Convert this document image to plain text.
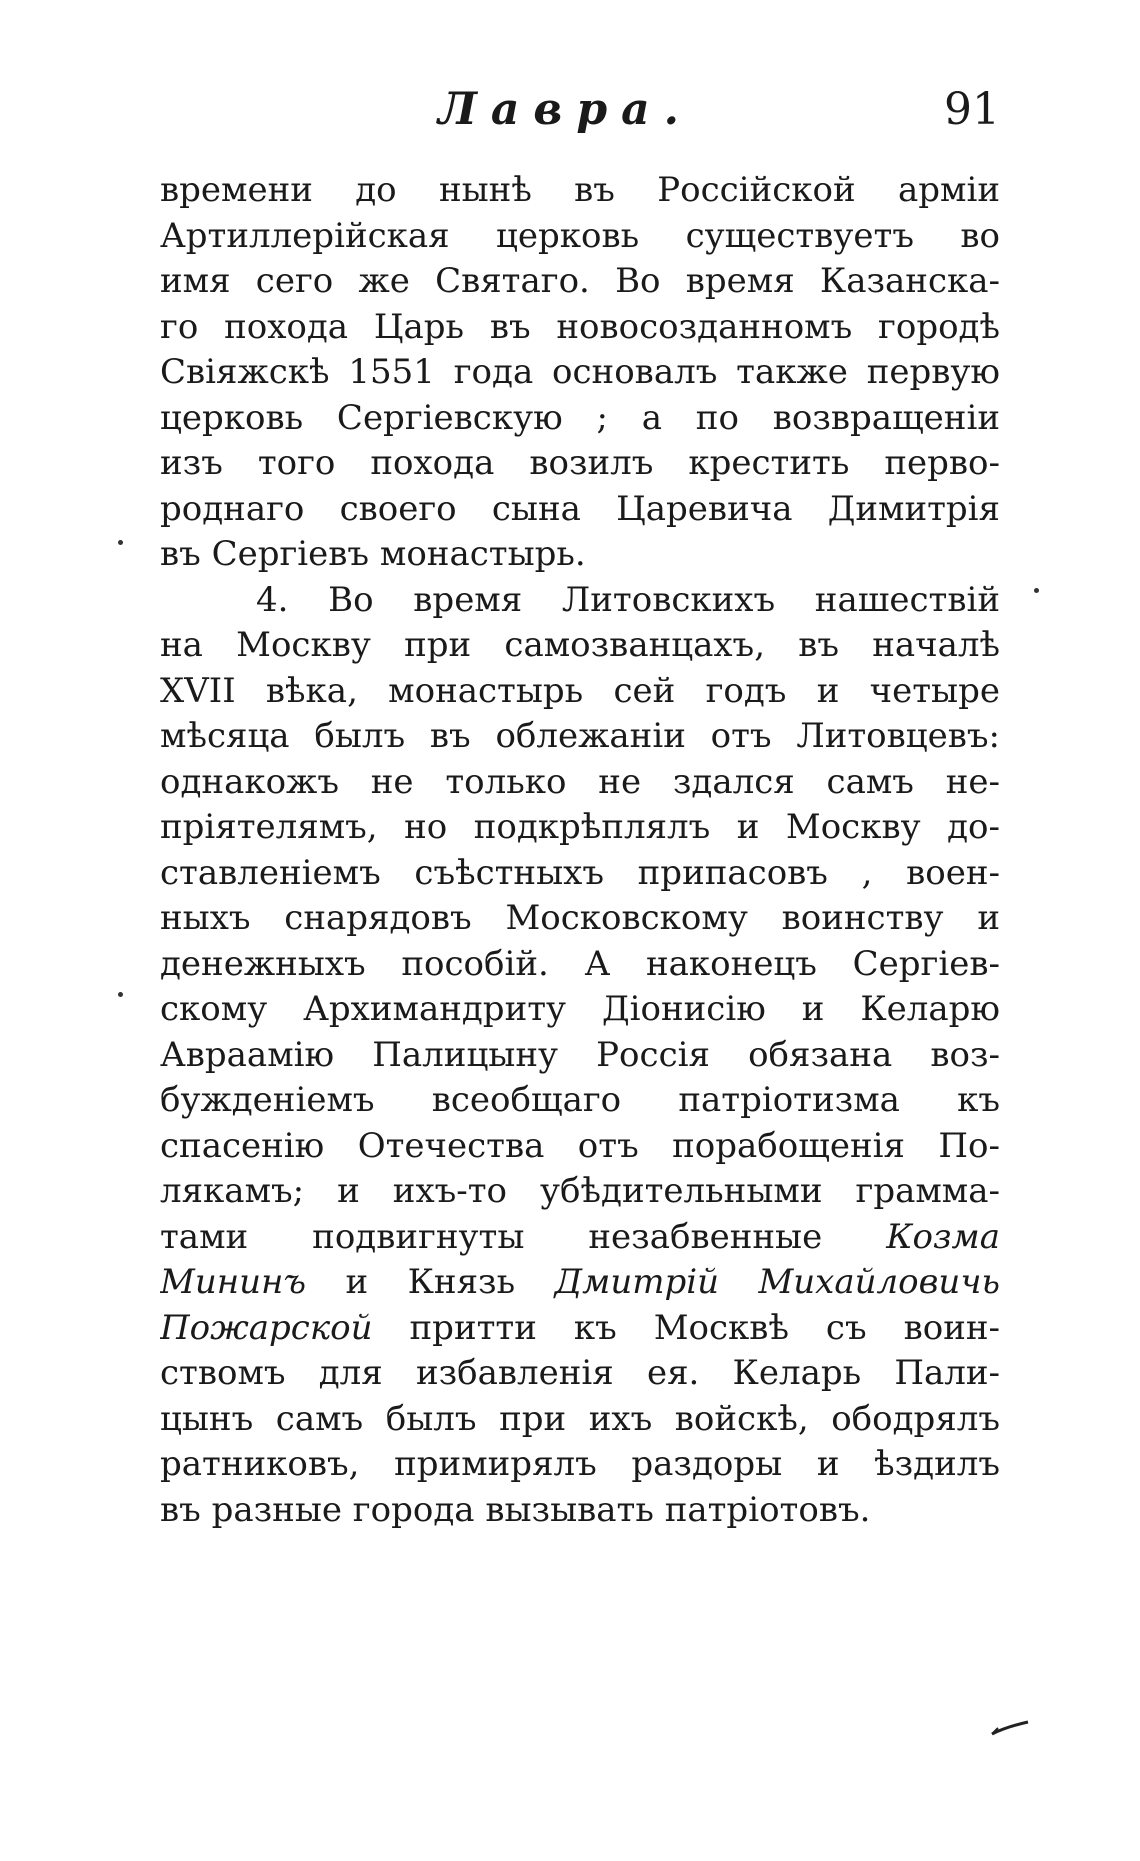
Лавра.	91
времени до нынѣ въ Россійской арміи
Артиллерійская церковь существуетъ во
имя сего же Святаго. Во время Казанска-
го похода Царь въ новосозданномъ городѣ
Свіяжскѣ 1551 года основалъ также первую
церковь Сергіевскую ; а по возвращеніи
изъ того похода возилъ крестить перво-
роднаго своего сына Царевича Димитрія
въ Сергіевъ монастырь.
4. Во время Литовскихъ нашествій
на Москву при самозванцахъ, въ началѣ
XVII вѣка, монастырь сей годъ и четыре
мѣсяца былъ въ облежаніи отъ Литовцевъ:
однакожъ не только не здался самъ не-
пріятелямъ, но подкрѣплялъ и Москву до-
ставленіемъ съѣстныхъ припасовъ , воен-
ныхъ снарядовъ Московскому воинству и
денежныхъ пособій. А наконецъ Сергіев-
скому Архимандриту Діонисію и Келарю
Авраамію Палицыну Россія обязана воз-
бужденіемъ всеобщаго патріотизма къ
спасенію Отечества отъ порабощенія По-
лякамъ; и ихъ-то убѣдительными грамма-
тами подвигнуты незабвенные Козма
Мининъ и Князь Дмитрій Михайловичь
Пожарской притти къ Москвѣ съ воин-
ствомъ для избавленія ея. Келарь Пали-
цынъ самъ былъ при ихъ войскѣ, ободрялъ
ратниковъ, примирялъ раздоры и ѣздилъ
въ разные города вызывать патріотовъ.
